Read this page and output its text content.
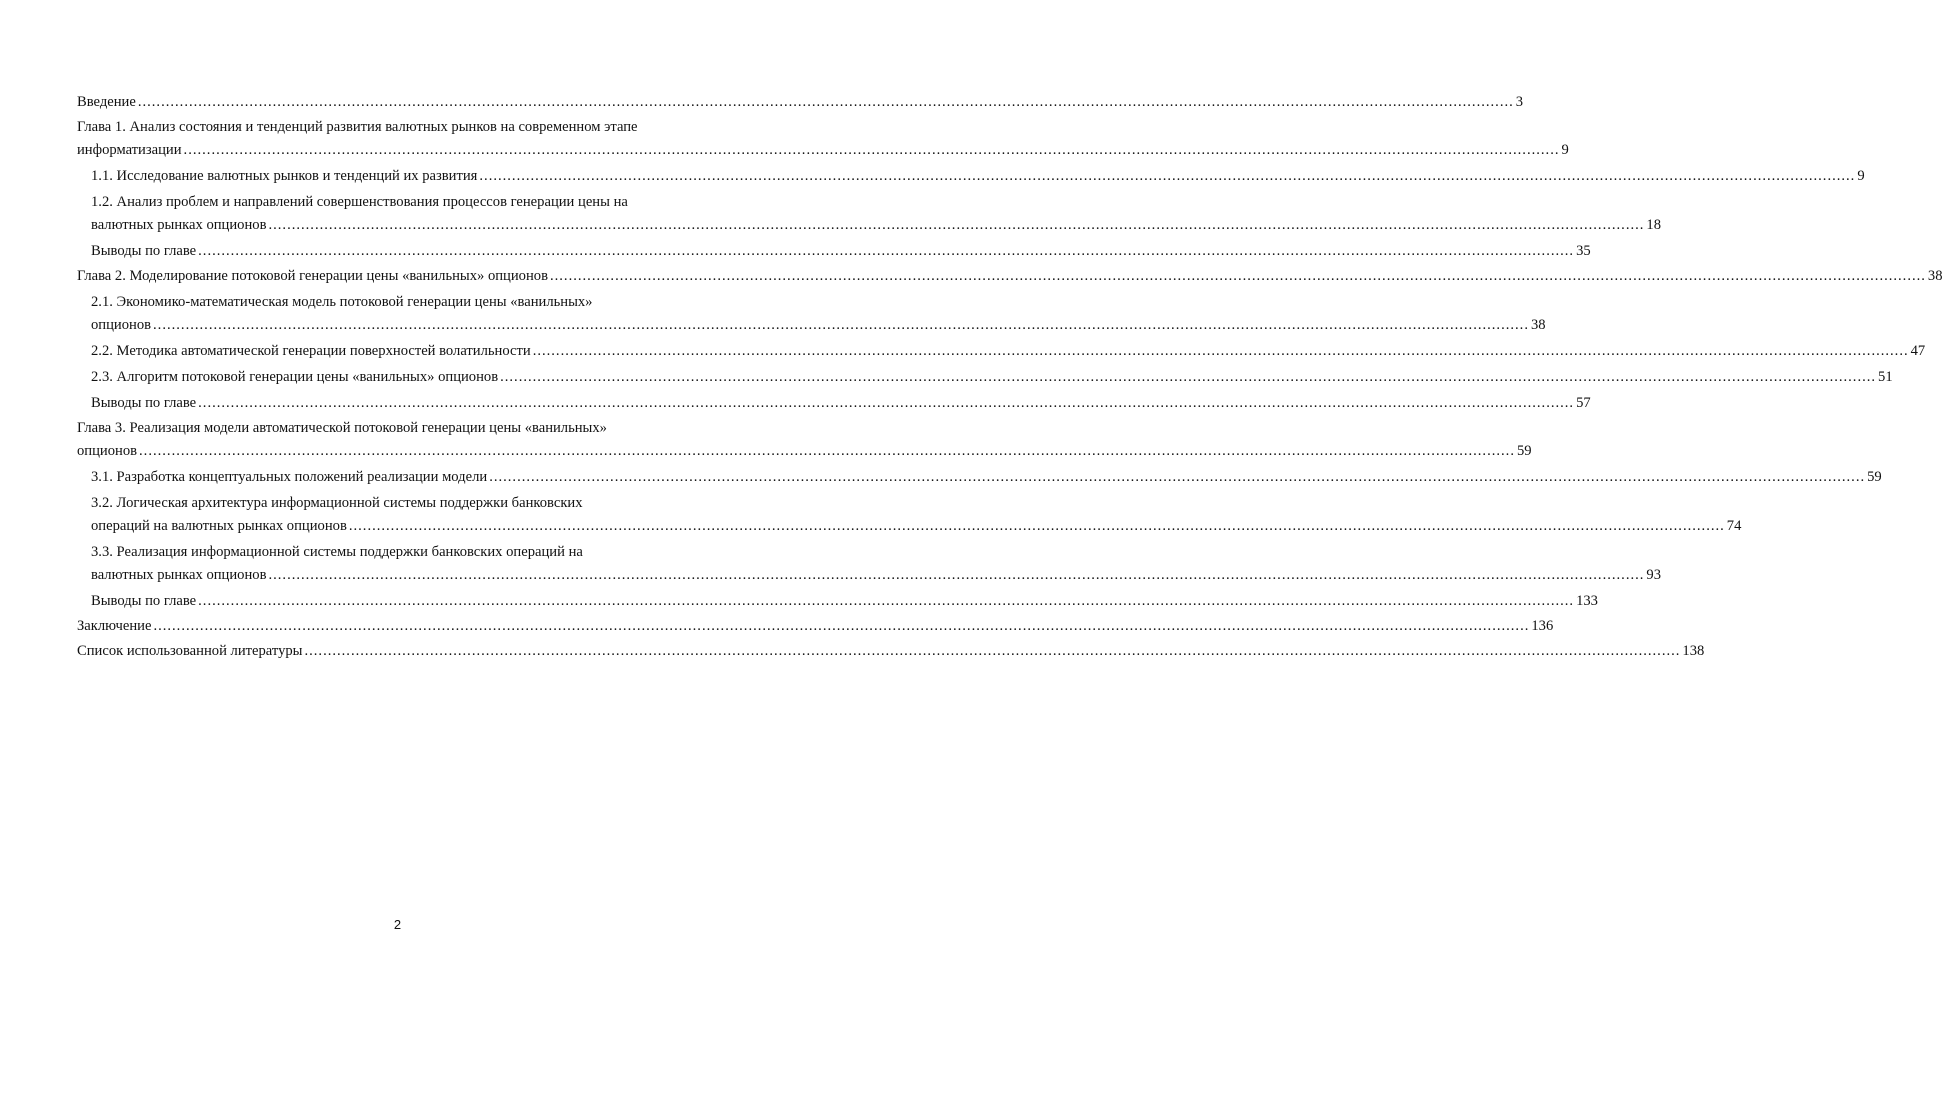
Введение .....	3
Глава 1. Анализ состояния и тенденций развития валютных рынков на современном этапе
информатизации .....	9
1.1. Исследование валютных рынков и тенденций их развития .....	9
1.2. Анализ проблем и направлений совершенствования процессов генерации цены на
валютных рынках опционов .....	18
Выводы по главе .....	35
Глава 2. Моделирование потоковой генерации цены «ванильных» опционов .....	38
2.1. Экономико-математическая модель потоковой генерации цены «ванильных»
опционов .....	38
2.2. Методика автоматической генерации поверхностей волатильности .....	47
2.3. Алгоритм потоковой генерации цены «ванильных» опционов .....	51
Выводы по главе .....	57
Глава 3. Реализация модели автоматической потоковой генерации цены «ванильных»
опционов .....	59
3.1. Разработка концептуальных положений реализации модели .....	59
3.2. Логическая архитектура информационной системы поддержки банковских
операций на валютных рынках опционов .....	74
3.3. Реализация информационной системы поддержки банковских операций на
валютных рынках опционов .....	93
Выводы по главе .....	133
Заключение .....	136
Список использованной литературы .....	138
2
